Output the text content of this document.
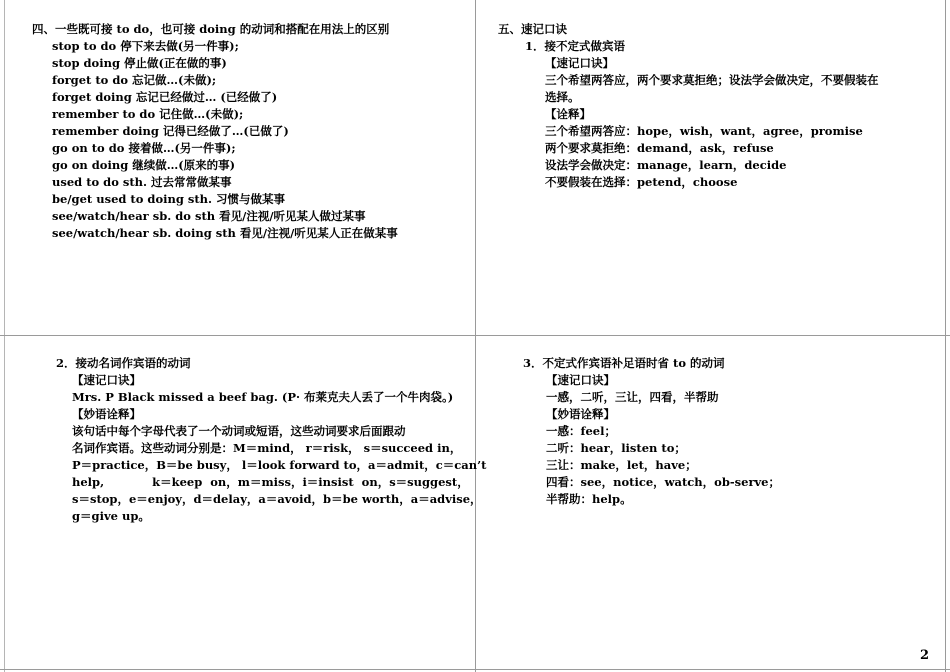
四、一些既可接 to do，也可接 doing 的动词和搭配在用法上的区别
stop to do 停下来去做(另一件事);
stop doing 停止做(正在做的事)
forget to do 忘记做…(未做);
forget doing 忘记已经做过… (已经做了)
remember to do 记住做…(未做);
remember doing 记得已经做了…(已做了)
go on to do 接着做…(另一件事);
go on doing 继续做…(原来的事)
used to do sth. 过去常常做某事
be/get used to doing sth. 习惯与做某事
see/watch/hear sb. do sth 看见/注视/听见某人做过某事
see/watch/hear sb. doing sth 看见/注视/听见某人正在做某事
五、速记口诀
1．接不定式做宾语
【速记口诀】
三个希望两答应，两个要求莫拒绝；设法学会做决定，不要假装在
选择。
【诠释】
三个希望两答应：hope，wish，want，agree，promise
两个要求莫拒绝：demand，ask，refuse
设法学会做决定：manage，learn，decide
不要假装在选择：petend，choose
2．接动名词作宾语的动词
【速记口诀】
Mrs. P Black missed a beef bag. (P· 布莱克夫人丢了一个牛肉袋。)
【妙语诠释】
该句话中每个字母代表了一个动词或短语，这些动词要求后面跟动
名词作宾语。这些动词分别是：M＝mind， r＝risk， s＝succeed in，
P＝practice，B＝be busy， l＝look forward to，a＝admit，c＝can’t
help,            k＝keep  on，m＝miss，i＝insist  on，s＝suggest，
s＝stop，e＝enjoy，d＝delay，a＝avoid，b＝be worth，a＝advise，
g＝give up。
3．不定式作宾语补足语时省 to 的动词
【速记口诀】
一感，二听，三让，四看，半帮助
【妙语诠释】
一感：feel；
二听：hear，listen to；
三让：make，let，have；
四看：see，notice，watch，ob-serve；
半帮助：help。
2
